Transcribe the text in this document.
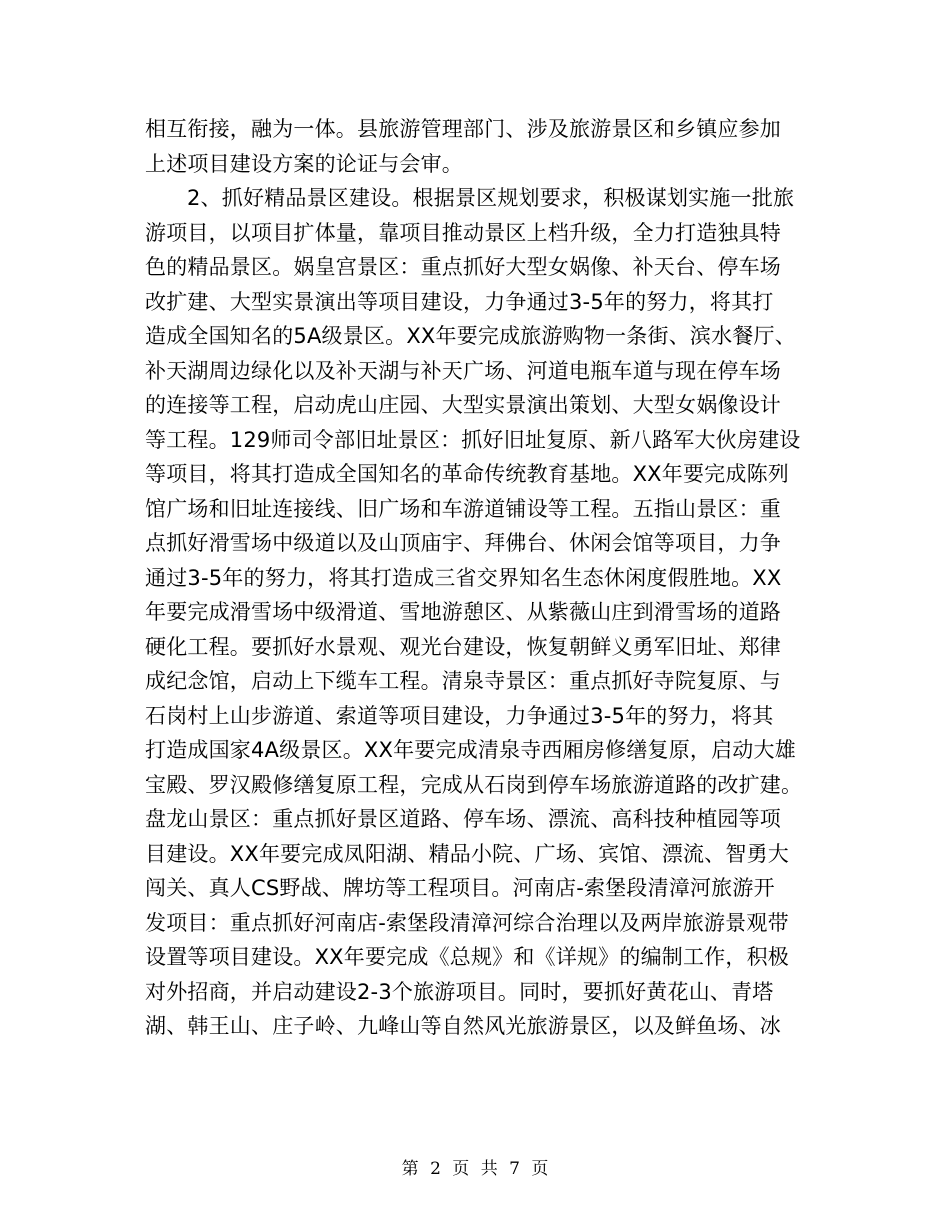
相互衔接，融为一体。县旅游管理部门、涉及旅游景区和乡镇应参加
上述项目建设方案的论证与会审。
2、抓好精品景区建设。根据景区规划要求，积极谋划实施一批旅
游项目，以项目扩体量，靠项目推动景区上档升级，全力打造独具特
色的精品景区。娲皇宫景区：重点抓好大型女娲像、补天台、停车场
改扩建、大型实景演出等项目建设，力争通过3-5年的努力，将其打
造成全国知名的5A级景区。XX年要完成旅游购物一条街、滨水餐厅、
补天湖周边绿化以及补天湖与补天广场、河道电瓶车道与现在停车场
的连接等工程，启动虎山庄园、大型实景演出策划、大型女娲像设计
等工程。129师司令部旧址景区：抓好旧址复原、新八路军大伙房建设
等项目，将其打造成全国知名的革命传统教育基地。XX年要完成陈列
馆广场和旧址连接线、旧广场和车游道铺设等工程。五指山景区：重
点抓好滑雪场中级道以及山顶庙宇、拜佛台、休闲会馆等项目，力争
通过3-5年的努力，将其打造成三省交界知名生态休闲度假胜地。XX
年要完成滑雪场中级滑道、雪地游憩区、从紫薇山庄到滑雪场的道路
硬化工程。要抓好水景观、观光台建设，恢复朝鲜义勇军旧址、郑律
成纪念馆，启动上下缆车工程。清泉寺景区：重点抓好寺院复原、与
石岗村上山步游道、索道等项目建设，力争通过3-5年的努力，将其
打造成国家4A级景区。XX年要完成清泉寺西厢房修缮复原，启动大雄
宝殿、罗汉殿修缮复原工程，完成从石岗到停车场旅游道路的改扩建。
盘龙山景区：重点抓好景区道路、停车场、漂流、高科技种植园等项
目建设。XX年要完成凤阳湖、精品小院、广场、宾馆、漂流、智勇大
闯关、真人CS野战、牌坊等工程项目。河南店-索堡段清漳河旅游开
发项目：重点抓好河南店-索堡段清漳河综合治理以及两岸旅游景观带
设置等项目建设。XX年要完成《总规》和《详规》的编制工作，积极
对外招商，并启动建设2-3个旅游项目。同时，要抓好黄花山、青塔
湖、韩王山、庄子岭、九峰山等自然风光旅游景区，以及鲜鱼场、冰
第 2 页 共 7 页
